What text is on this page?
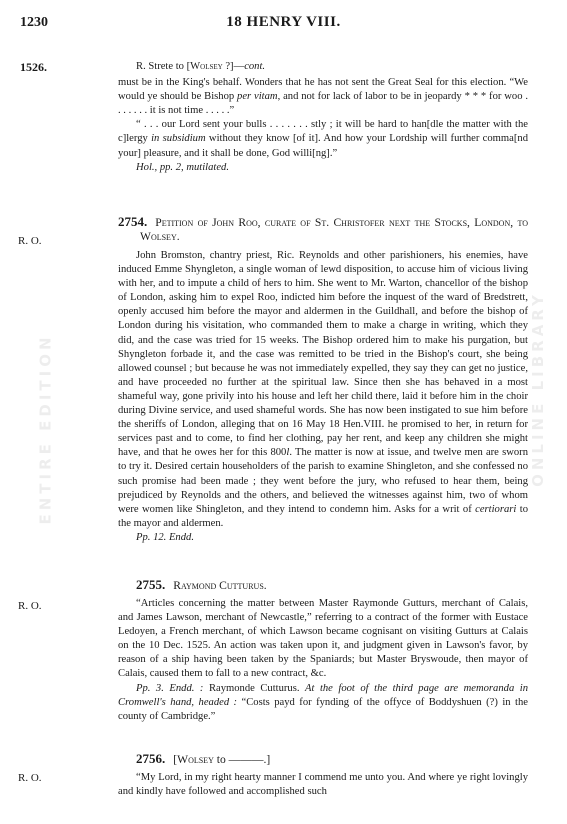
ENTIRE EDITION	ONLINE LIBRARY
1230	18 HENRY VIII.
1526.	R. Strete to [Wolsey ?]—cont.

must be in the King's behalf. Wonders that he has not sent the Great Seal for this election. “We would ye should be Bishop per vitam, and not for lack of labor to be in jeopardy * * * for woo . . . . . . . it is not time . . . . .”

“ . . . our Lord sent your bulls . . . . . . . stly ; it will be hard to han[dle the matter with the c]lergy in subsidium without they know [of it]. And how your Lordship will further comma[nd your] pleasure, and it shall be done, God willi[ng].”

Hol., pp. 2, mutilated.

R. O.

2754. Petition of John Roo, curate of St. Christofer next the Stocks, London, to Wolsey.

John Bromston, chantry priest, Ric. Reynolds and other parishioners, his enemies, have induced Emme Shyngleton, a single woman of lewd disposition, to accuse him of vicious living with her, and to impute a child of hers to him. She went to Mr. Warton, chancellor of the bishop of London, asking him to expel Roo, indicted him before the inquest of the ward of Bredstrett, openly accused him before the mayor and aldermen in the Guildhall, and before the bishop of London during his visitation, who commanded them to make a charge in writing, which they did, and the case was tried for 15 weeks. The Bishop ordered him to make his purgation, but Shyngleton forbade it, and the case was remitted to be tried in the Bishop's court, she being allowed counsel ; but because he was not immediately expelled, they say they can get no justice, and have proceeded no further at the spiritual law. Since then she has behaved in a most shameful way, gone privily into his house and left her child there, laid it before him in the choir during Divine service, and used shameful words. She has now been instigated to sue him before the sheriffs of London, alleging that on 16 May 18 Hen.VIII. he promised to her, in return for services past and to come, to find her clothing, pay her rent, and keep any children she might have, and that he owes her for this 800l. The matter is now at issue, and twelve men are sworn to try it. Desired certain householders of the parish to examine Shingleton, and she confessed no such promise had been made ; they went before the jury, who refused to hear them, being prejudiced by Reynolds and the others, and believed the witnesses against him, two of whom were women like Shingleton, and they intend to condemn him. Asks for a writ of certiorari to the mayor and aldermen.

Pp. 12. Endd.

R. O.

2755. Raymond Cutturus.

“Articles concerning the matter between Master Raymonde Gutturs, merchant of Calais, and James Lawson, merchant of Newcastle,” referring to a contract of the former with Eustace Ledoyen, a French merchant, of which Lawson became cognisant on visiting Gutturs at Calais on the 10 Dec. 1525. An action was taken upon it, and judgment given in Lawson's favor, by reason of a ship having been taken by the Spaniards; but Master Bryswoude, then mayor of Calais, caused them to fall to a new contract, &c.

Pp. 3. Endd. : Raymonde Cutturus. At the foot of the third page are memoranda in Cromwell's hand, headed : “Costs payd for fynding of the offyce of Boddyshuen (?) in the county of Cambridge.”

R. O.

2756. [Wolsey to ———.]

“My Lord, in my right hearty manner I commend me unto you. And where ye right lovingly and kindly have followed and accomplished such
